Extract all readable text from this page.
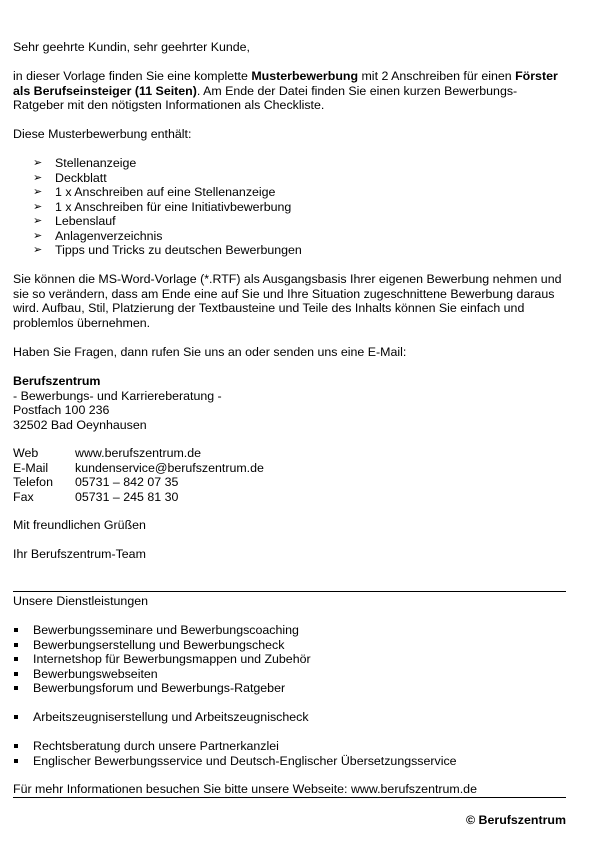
Sehr geehrte Kundin, sehr geehrter Kunde,

in dieser Vorlage finden Sie eine komplette Musterbewerbung mit 2 Anschreiben für einen Förster als Berufseinsteiger (11 Seiten). Am Ende der Datei finden Sie einen kurzen Bewerbungs-Ratgeber mit den nötigsten Informationen als Checkliste.

Diese Musterbewerbung enthält:

➢ Stellenanzeige
➢ Deckblatt
➢ 1 x Anschreiben auf eine Stellenanzeige
➢ 1 x Anschreiben für eine Initiativbewerbung
➢ Lebenslauf
➢ Anlagenverzeichnis
➢ Tipps und Tricks zu deutschen Bewerbungen

Sie können die MS-Word-Vorlage (*.RTF) als Ausgangsbasis Ihrer eigenen Bewerbung nehmen und sie so verändern, dass am Ende eine auf Sie und Ihre Situation zugeschnittene Bewerbung daraus wird. Aufbau, Stil, Platzierung der Textbausteine und Teile des Inhalts können Sie einfach und problemlos übernehmen.

Haben Sie Fragen, dann rufen Sie uns an oder senden uns eine E-Mail:

Berufszentrum

- Bewerbungs- und Karriereberatung -

Postfach 100 236

32502 Bad Oeynhausen

Web	www.berufszentrum.de
E-Mail	kundenservice@berufszentrum.de
Telefon	05731 – 842 07 35
Fax	05731 – 245 81 30

Mit freundlichen Grüßen

Ihr Berufszentrum-Team

Unsere Dienstleistungen

Bewerbungsseminare und Bewerbungscoaching
Bewerbungserstellung und Bewerbungscheck
Internetshop für Bewerbungsmappen und Zubehör
Bewerbungswebseiten
Bewerbungsforum und Bewerbungs-Ratgeber
Arbeitszeugniserstellung und Arbeitszeugnischeck
Rechtsberatung durch unsere Partnerkanzlei
Englischer Bewerbungsservice und Deutsch-Englischer Übersetzungsservice

Für mehr Informationen besuchen Sie bitte unsere Webseite: www.berufszentrum.de

© Berufszentrum
